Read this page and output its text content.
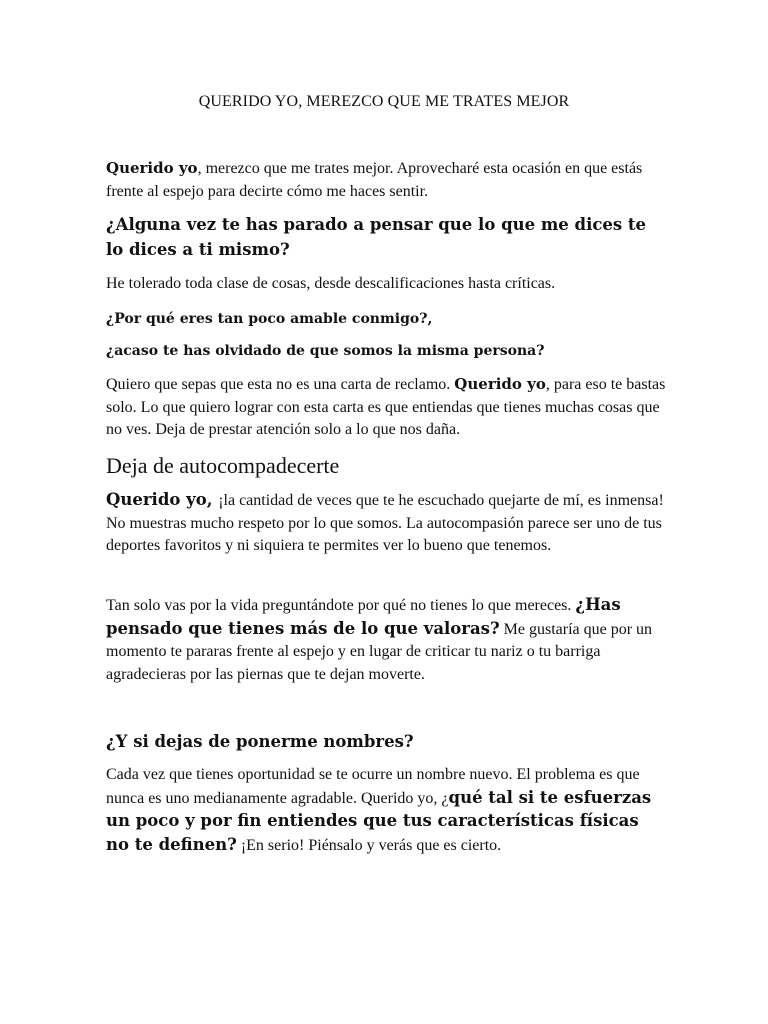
QUERIDO YO, MEREZCO QUE ME TRATES MEJOR

Querido yo, merezco que me trates mejor. Aprovecharé esta ocasión en que estás frente al espejo para decirte cómo me haces sentir.

¿Alguna vez te has parado a pensar que lo que me dices te lo dices a ti mismo?

He tolerado toda clase de cosas, desde descalificaciones hasta críticas.

¿Por qué eres tan poco amable conmigo?,

¿acaso te has olvidado de que somos la misma persona?

Quiero que sepas que esta no es una carta de reclamo. Querido yo, para eso te bastas solo. Lo que quiero lograr con esta carta es que entiendas que tienes muchas cosas que no ves. Deja de prestar atención solo a lo que nos daña.

Deja de autocompadecerte

Querido yo, ¡la cantidad de veces que te he escuchado quejarte de mí, es inmensa! No muestras mucho respeto por lo que somos. La autocompasión parece ser uno de tus deportes favoritos y ni siquiera te permites ver lo bueno que tenemos.

Tan solo vas por la vida preguntándote por qué no tienes lo que mereces. ¿Has pensado que tienes más de lo que valoras? Me gustaría que por un momento te pararas frente al espejo y en lugar de criticar tu nariz o tu barriga agradecieras por las piernas que te dejan moverte.

¿Y si dejas de ponerme nombres?

Cada vez que tienes oportunidad se te ocurre un nombre nuevo. El problema es que nunca es uno medianamente agradable. Querido yo, ¿qué tal si te esfuerzas un poco y por fin entiendes que tus características físicas no te definen? ¡En serio! Piénsalo y verás que es cierto.
